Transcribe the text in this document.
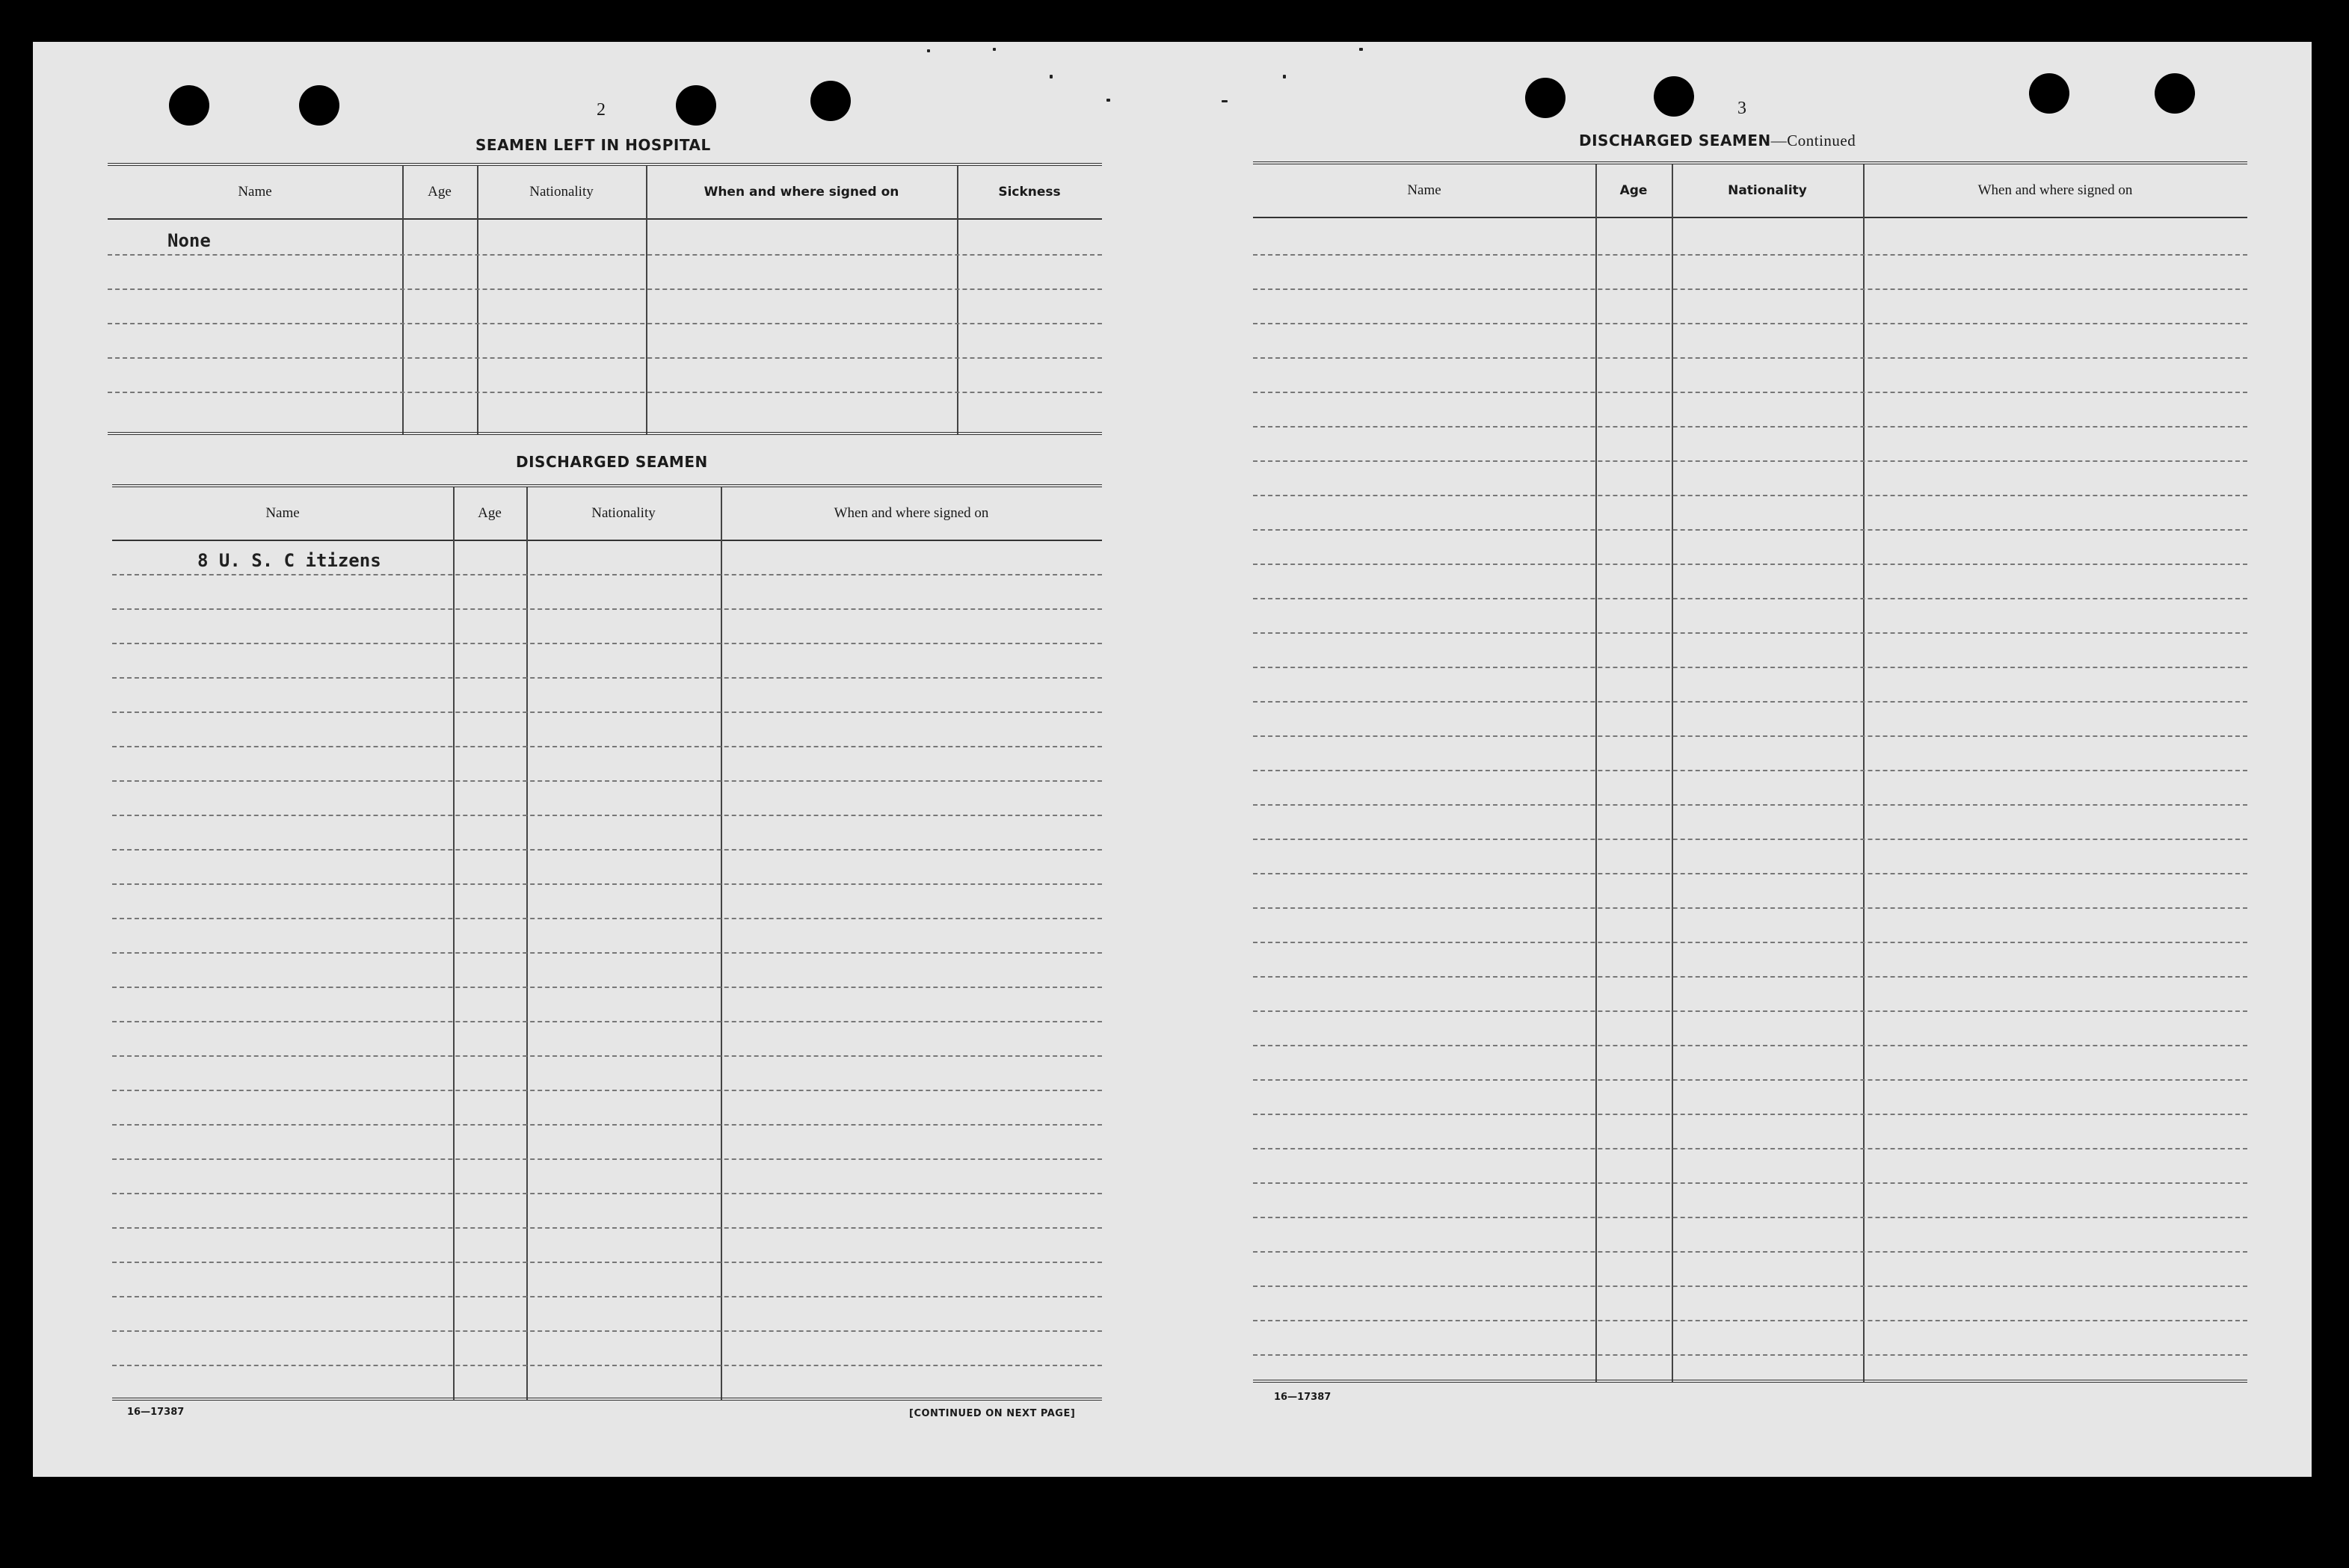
2
SEAMEN LEFT IN HOSPITAL
Name	Age	Nationality	When and where signed on	Sickness
None
DISCHARGED SEAMEN
Name	Age	Nationality	When and where signed on
8 U. S. C itizens
16—17387	[CONTINUED ON NEXT PAGE]
3
DISCHARGED SEAMEN—Continued
Name	Age	Nationality	When and where signed on
16—17387
